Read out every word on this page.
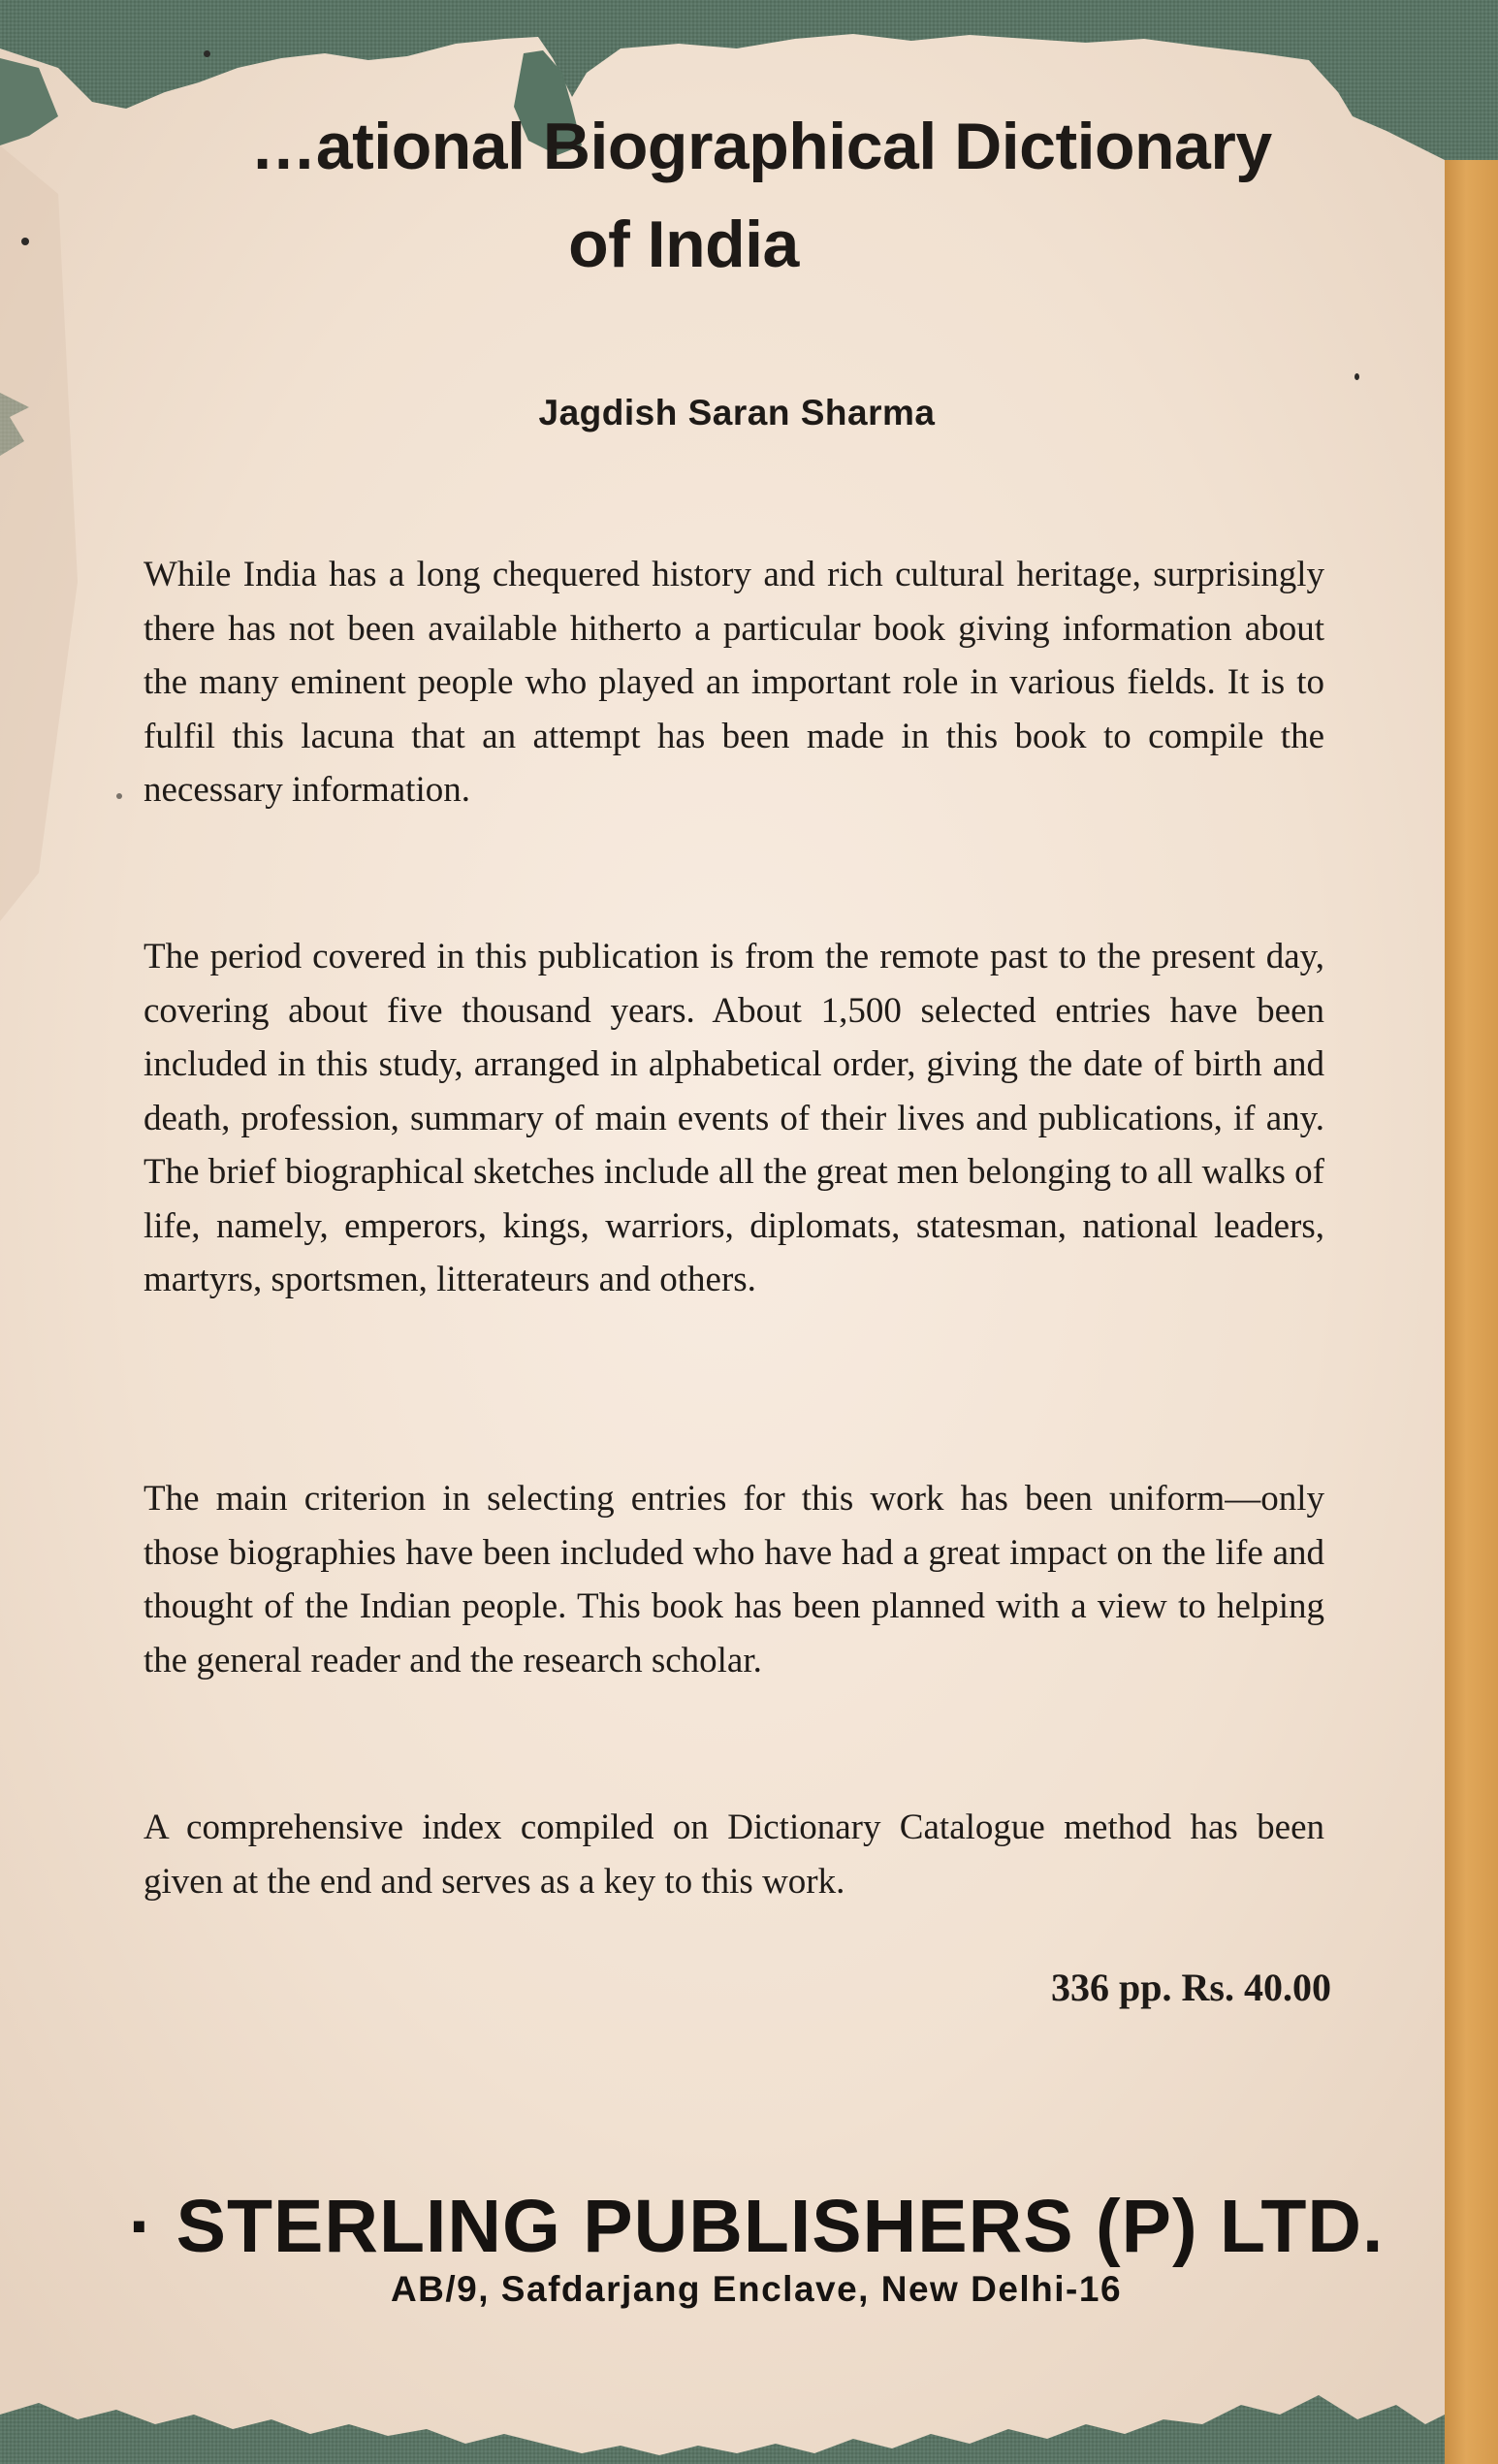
…ational Biographical Dictionary
of India

Jagdish Saran Sharma

While India has a long chequered history and rich cultural heritage, surprisingly there has not been available hitherto a particular book giving information about the many eminent people who played an important role in various fields. It is to fulfil this lacuna that an attempt has been made in this book to compile the necessary information.

The period covered in this publication is from the remote past to the present day, covering about five thousand years. About 1,500 selected entries have been included in this study, arranged in alphabetical order, giving the date of birth and death, profession, summary of main events of their lives and publications, if any. The brief biographical sketches include all the great men belonging to all walks of life, namely, emperors, kings, warriors, diplomats, statesman, national leaders, martyrs, sportsmen, litterateurs and others.

The main criterion in selecting entries for this work has been uniform—only those biographies have been included who have had a great impact on the life and thought of the Indian people. This book has been planned with a view to helping the general reader and the research scholar.

A comprehensive index compiled on Dictionary Catalogue method has been given at the end and serves as a key to this work.

336 pp. Rs. 40.00

· STERLING PUBLISHERS (P) LTD.

AB/9, Safdarjang Enclave, New Delhi-16
